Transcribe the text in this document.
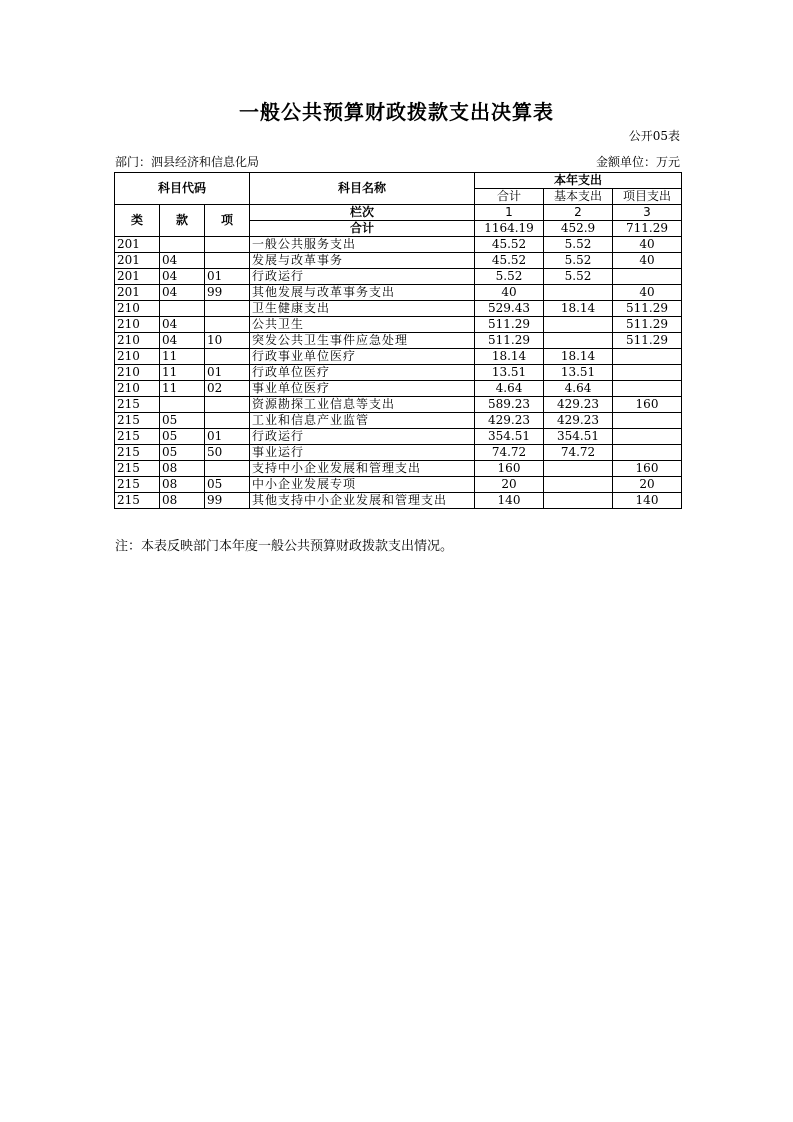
一般公共预算财政拨款支出决算表
公开05表
部门：泗县经济和信息化局	金额单位：万元
科目代码			科目名称	本年支出		
				合计	基本支出	项目支出
类	款	项	栏次	1	2	3
			合计	1164.19	452.9	711.29
201			一般公共服务支出	45.52	5.52	40
201	04		发展与改革事务	45.52	5.52	40
201	04	01	行政运行	5.52	5.52	
201	04	99	其他发展与改革事务支出	40		40
210			卫生健康支出	529.43	18.14	511.29
210	04		公共卫生	511.29		511.29
210	04	10	突发公共卫生事件应急处理	511.29		511.29
210	11		行政事业单位医疗	18.14	18.14	
210	11	01	行政单位医疗	13.51	13.51	
210	11	02	事业单位医疗	4.64	4.64	
215			资源勘探工业信息等支出	589.23	429.23	160
215	05		工业和信息产业监管	429.23	429.23	
215	05	01	行政运行	354.51	354.51	
215	05	50	事业运行	74.72	74.72	
215	08		支持中小企业发展和管理支出	160		160
215	08	05	中小企业发展专项	20		20
215	08	99	其他支持中小企业发展和管理支出	140		140
注：本表反映部门本年度一般公共预算财政拨款支出情况。
